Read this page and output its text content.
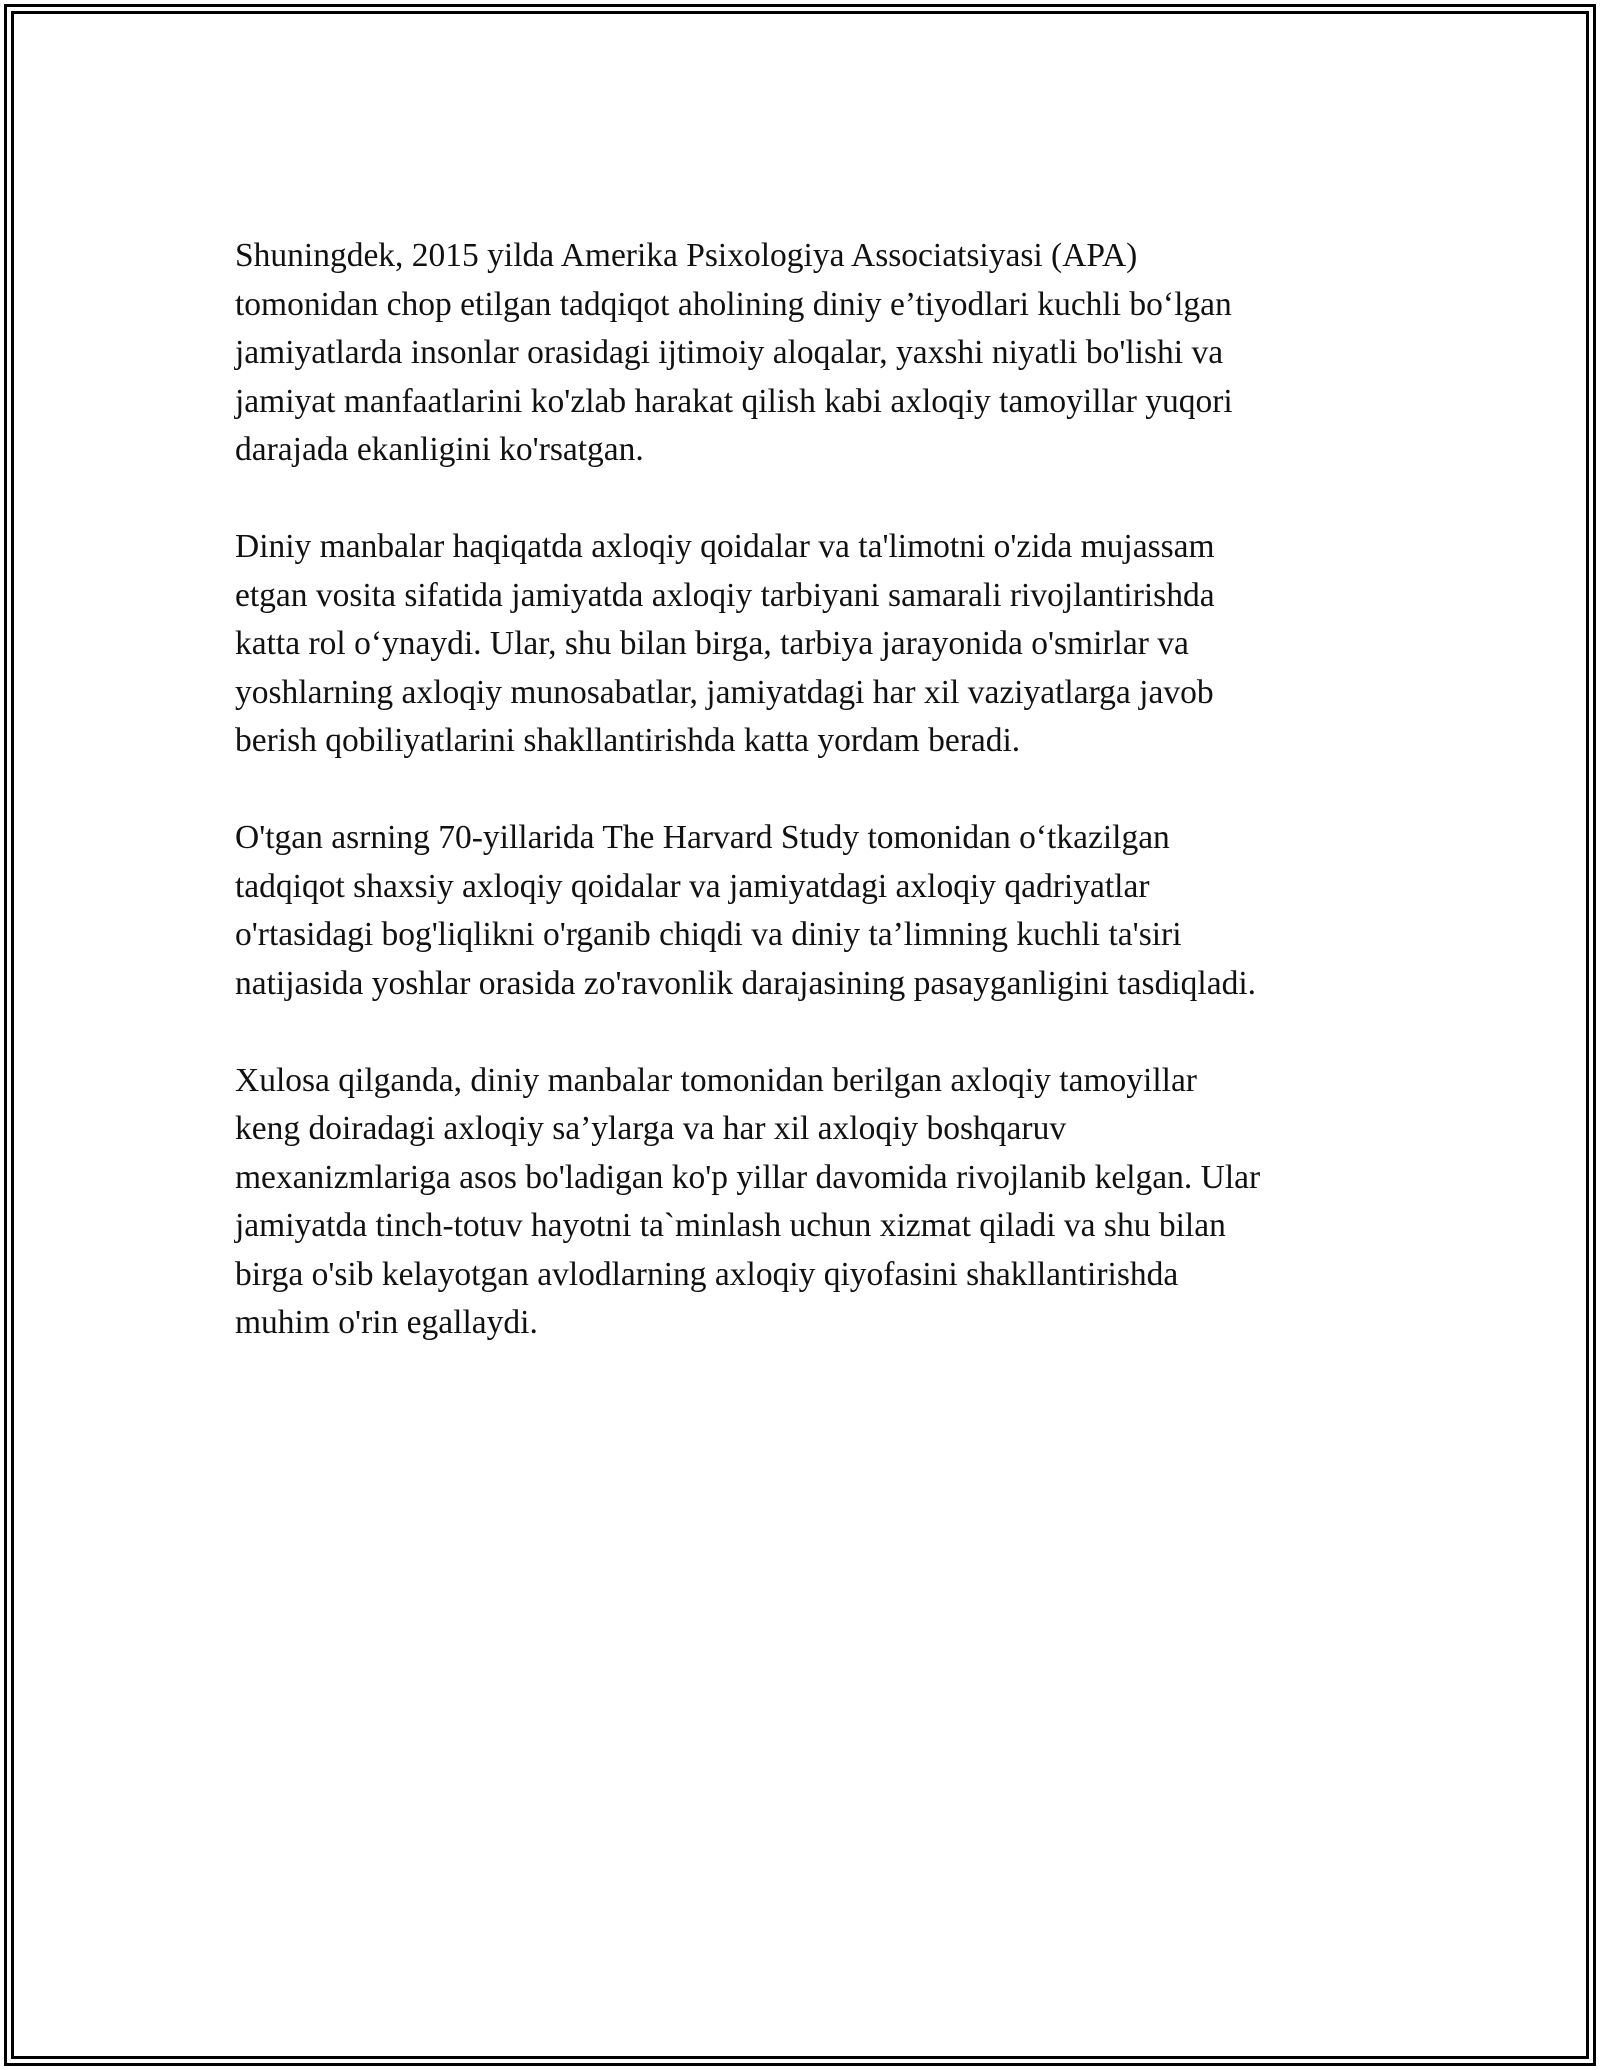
Shuningdek, 2015 yilda Amerika Psixologiya Associatsiyasi (APA)
tomonidan chop etilgan tadqiqot aholining diniy e’tiyodlari kuchli bo‘lgan
jamiyatlarda insonlar orasidagi ijtimoiy aloqalar, yaxshi niyatli bo'lishi va
jamiyat manfaatlarini ko'zlab harakat qilish kabi axloqiy tamoyillar yuqori
darajada ekanligini ko'rsatgan.

Diniy manbalar haqiqatda axloqiy qoidalar va ta'limotni o'zida mujassam
etgan vosita sifatida jamiyatda axloqiy tarbiyani samarali rivojlantirishda
katta rol o‘ynaydi. Ular, shu bilan birga, tarbiya jarayonida o'smirlar va
yoshlarning axloqiy munosabatlar, jamiyatdagi har xil vaziyatlarga javob
berish qobiliyatlarini shakllantirishda katta yordam beradi.

O'tgan asrning 70-yillarida The Harvard Study tomonidan o‘tkazilgan
tadqiqot shaxsiy axloqiy qoidalar va jamiyatdagi axloqiy qadriyatlar
o'rtasidagi bog'liqlikni o'rganib chiqdi va diniy ta’limning kuchli ta'siri
natijasida yoshlar orasida zo'ravonlik darajasining pasayganligini tasdiqladi.

Xulosa qilganda, diniy manbalar tomonidan berilgan axloqiy tamoyillar
keng doiradagi axloqiy sa’ylarga va har xil axloqiy boshqaruv
mexanizmlariga asos bo'ladigan ko'p yillar davomida rivojlanib kelgan. Ular
jamiyatda tinch-totuv hayotni ta`minlash uchun xizmat qiladi va shu bilan
birga o'sib kelayotgan avlodlarning axloqiy qiyofasini shakllantirishda
muhim o'rin egallaydi.
